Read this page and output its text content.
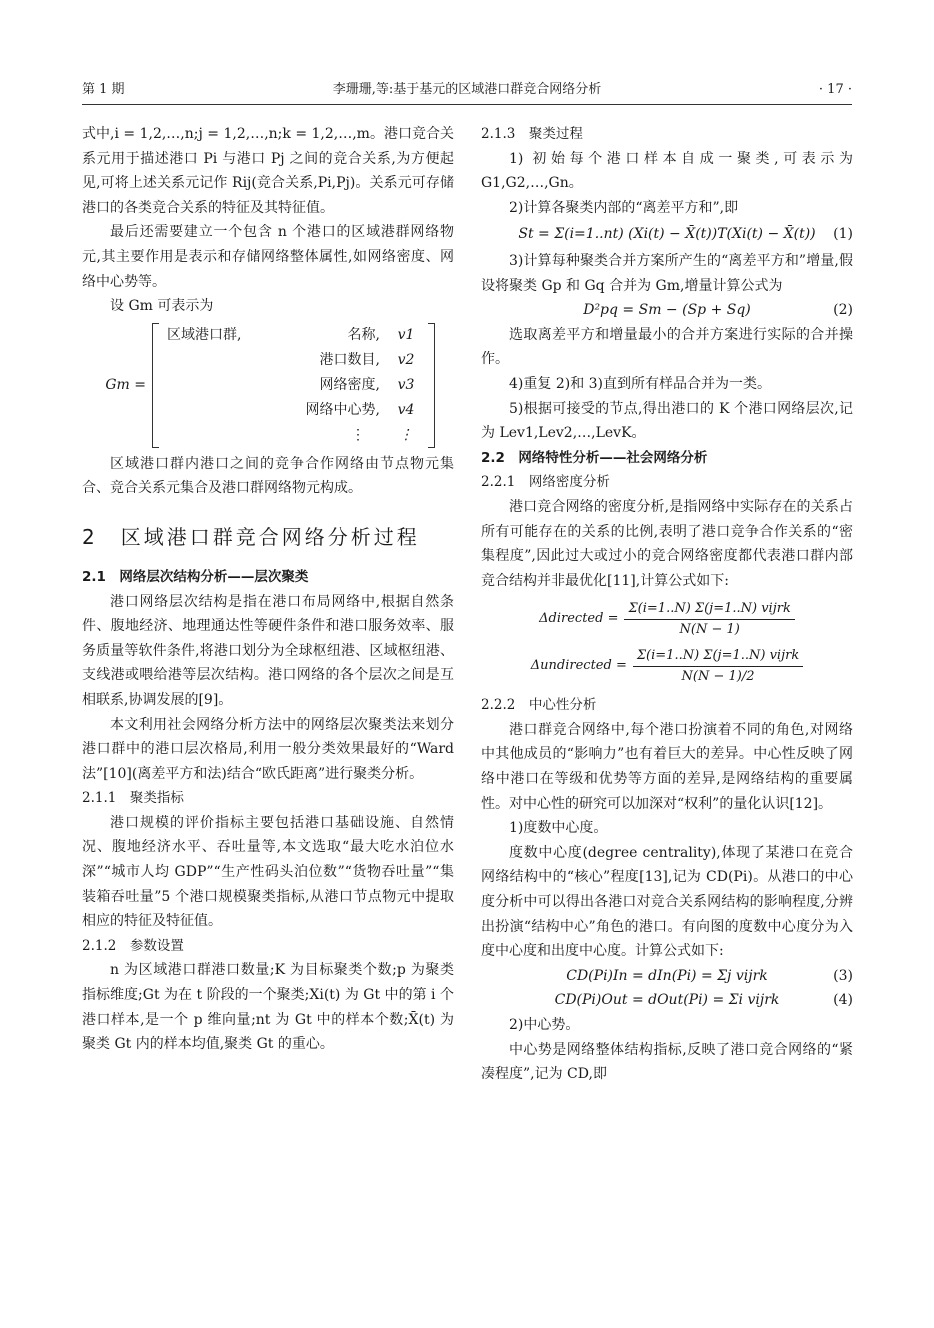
第 1 期	李珊珊,等:基于基元的区域港口群竞合网络分析	· 17 ·

式中,i = 1,2,…,n;j = 1,2,…,n;k = 1,2,…,m。港口竞合关系元用于描述港口 Pi 与港口 Pj 之间的竞合关系,为方便起见,可将上述关系元记作 Rij(竞合关系,Pi,Pj)。关系元可存储港口的各类竞合关系的特征及其特征值。

最后还需要建立一个包含 n 个港口的区域港群网络物元,其主要作用是表示和存储网络整体属性,如网络密度、网络中心势等。

设 Gm 可表示为

Gm =
区域港口群,	名称,	v1
	港口数目,	v2
	网络密度,	v3
	网络中心势,	v4
	⋮	⋮

区域港口群内港口之间的竞争合作网络由节点物元集合、竞合关系元集合及港口群网络物元构成。

2　区域港口群竞合网络分析过程

2.1　网络层次结构分析——层次聚类

港口网络层次结构是指在港口布局网络中,根据自然条件、腹地经济、地理通达性等硬件条件和港口服务效率、服务质量等软件条件,将港口划分为全球枢纽港、区域枢纽港、支线港或喂给港等层次结构。港口网络的各个层次之间是互相联系,协调发展的[9]。

本文利用社会网络分析方法中的网络层次聚类法来划分港口群中的港口层次格局,利用一般分类效果最好的“Ward 法”[10](离差平方和法)结合“欧氏距离”进行聚类分析。

2.1.1　聚类指标

港口规模的评价指标主要包括港口基础设施、自然情况、腹地经济水平、吞吐量等,本文选取“最大吃水泊位水深”“城市人均 GDP”“生产性码头泊位数”“货物吞吐量”“集装箱吞吐量”5 个港口规模聚类指标,从港口节点物元中提取相应的特征及特征值。

2.1.2　参数设置

n 为区域港口群港口数量;K 为目标聚类个数;p 为聚类指标维度;Gt 为在 t 阶段的一个聚类;Xi(t) 为 Gt 中的第 i 个港口样本,是一个 p 维向量;nt 为 Gt 中的样本个数;X̄(t) 为聚类 Gt 内的样本均值,聚类 Gt 的重心。

2.1.3　聚类过程

1) 初始每个港口样本自成一聚类,可表示为 G1,G2,…,Gn。

2)计算各聚类内部的“离差平方和”,即

St = Σ(i=1..nt) (Xi(t) − X̄(t))T(Xi(t) − X̄(t)) (1)

3)计算每种聚类合并方案所产生的“离差平方和”增量,假设将聚类 Gp 和 Gq 合并为 Gm,增量计算公式为

D²pq = Sm − (Sp + Sq)	(2)

选取离差平方和增量最小的合并方案进行实际的合并操作。

4)重复 2)和 3)直到所有样品合并为一类。

5)根据可接受的节点,得出港口的 K 个港口网络层次,记为 Lev1,Lev2,…,LevK。

2.2　网络特性分析——社会网络分析

2.2.1　网络密度分析

港口竞合网络的密度分析,是指网络中实际存在的关系占所有可能存在的关系的比例,表明了港口竞争合作关系的“密集程度”,因此过大或过小的竞合网络密度都代表港口群内部竞合结构并非最优化[11],计算公式如下:

Δdirected = $\frac{\text{Σ(i=1..N) Σ(j=1..N) vijrk}}{N(N - 1)}$
Δundirected = $\frac{\text{Σ(i=1..N) Σ(j=1..N) vijrk}}{N(N - 1)/2}$

2.2.2　中心性分析

港口群竞合网络中,每个港口扮演着不同的角色,对网络中其他成员的“影响力”也有着巨大的差异。中心性反映了网络中港口在等级和优势等方面的差异,是网络结构的重要属性。对中心性的研究可以加深对“权利”的量化认识[12]。

1)度数中心度。

度数中心度(degree centrality),体现了某港口在竞合网络结构中的“核心”程度[13],记为 CD(Pi)。从港口的中心度分析中可以得出各港口对竞合关系网结构的影响程度,分辨出扮演“结构中心”角色的港口。有向图的度数中心度分为入度中心度和出度中心度。计算公式如下:

CD(Pi)In = dIn(Pi) = Σj vijrk	(3)
CD(Pi)Out = dOut(Pi) = Σi vijrk	(4)

2)中心势。

中心势是网络整体结构指标,反映了港口竞合网络的“紧凑程度”,记为 CD,即
